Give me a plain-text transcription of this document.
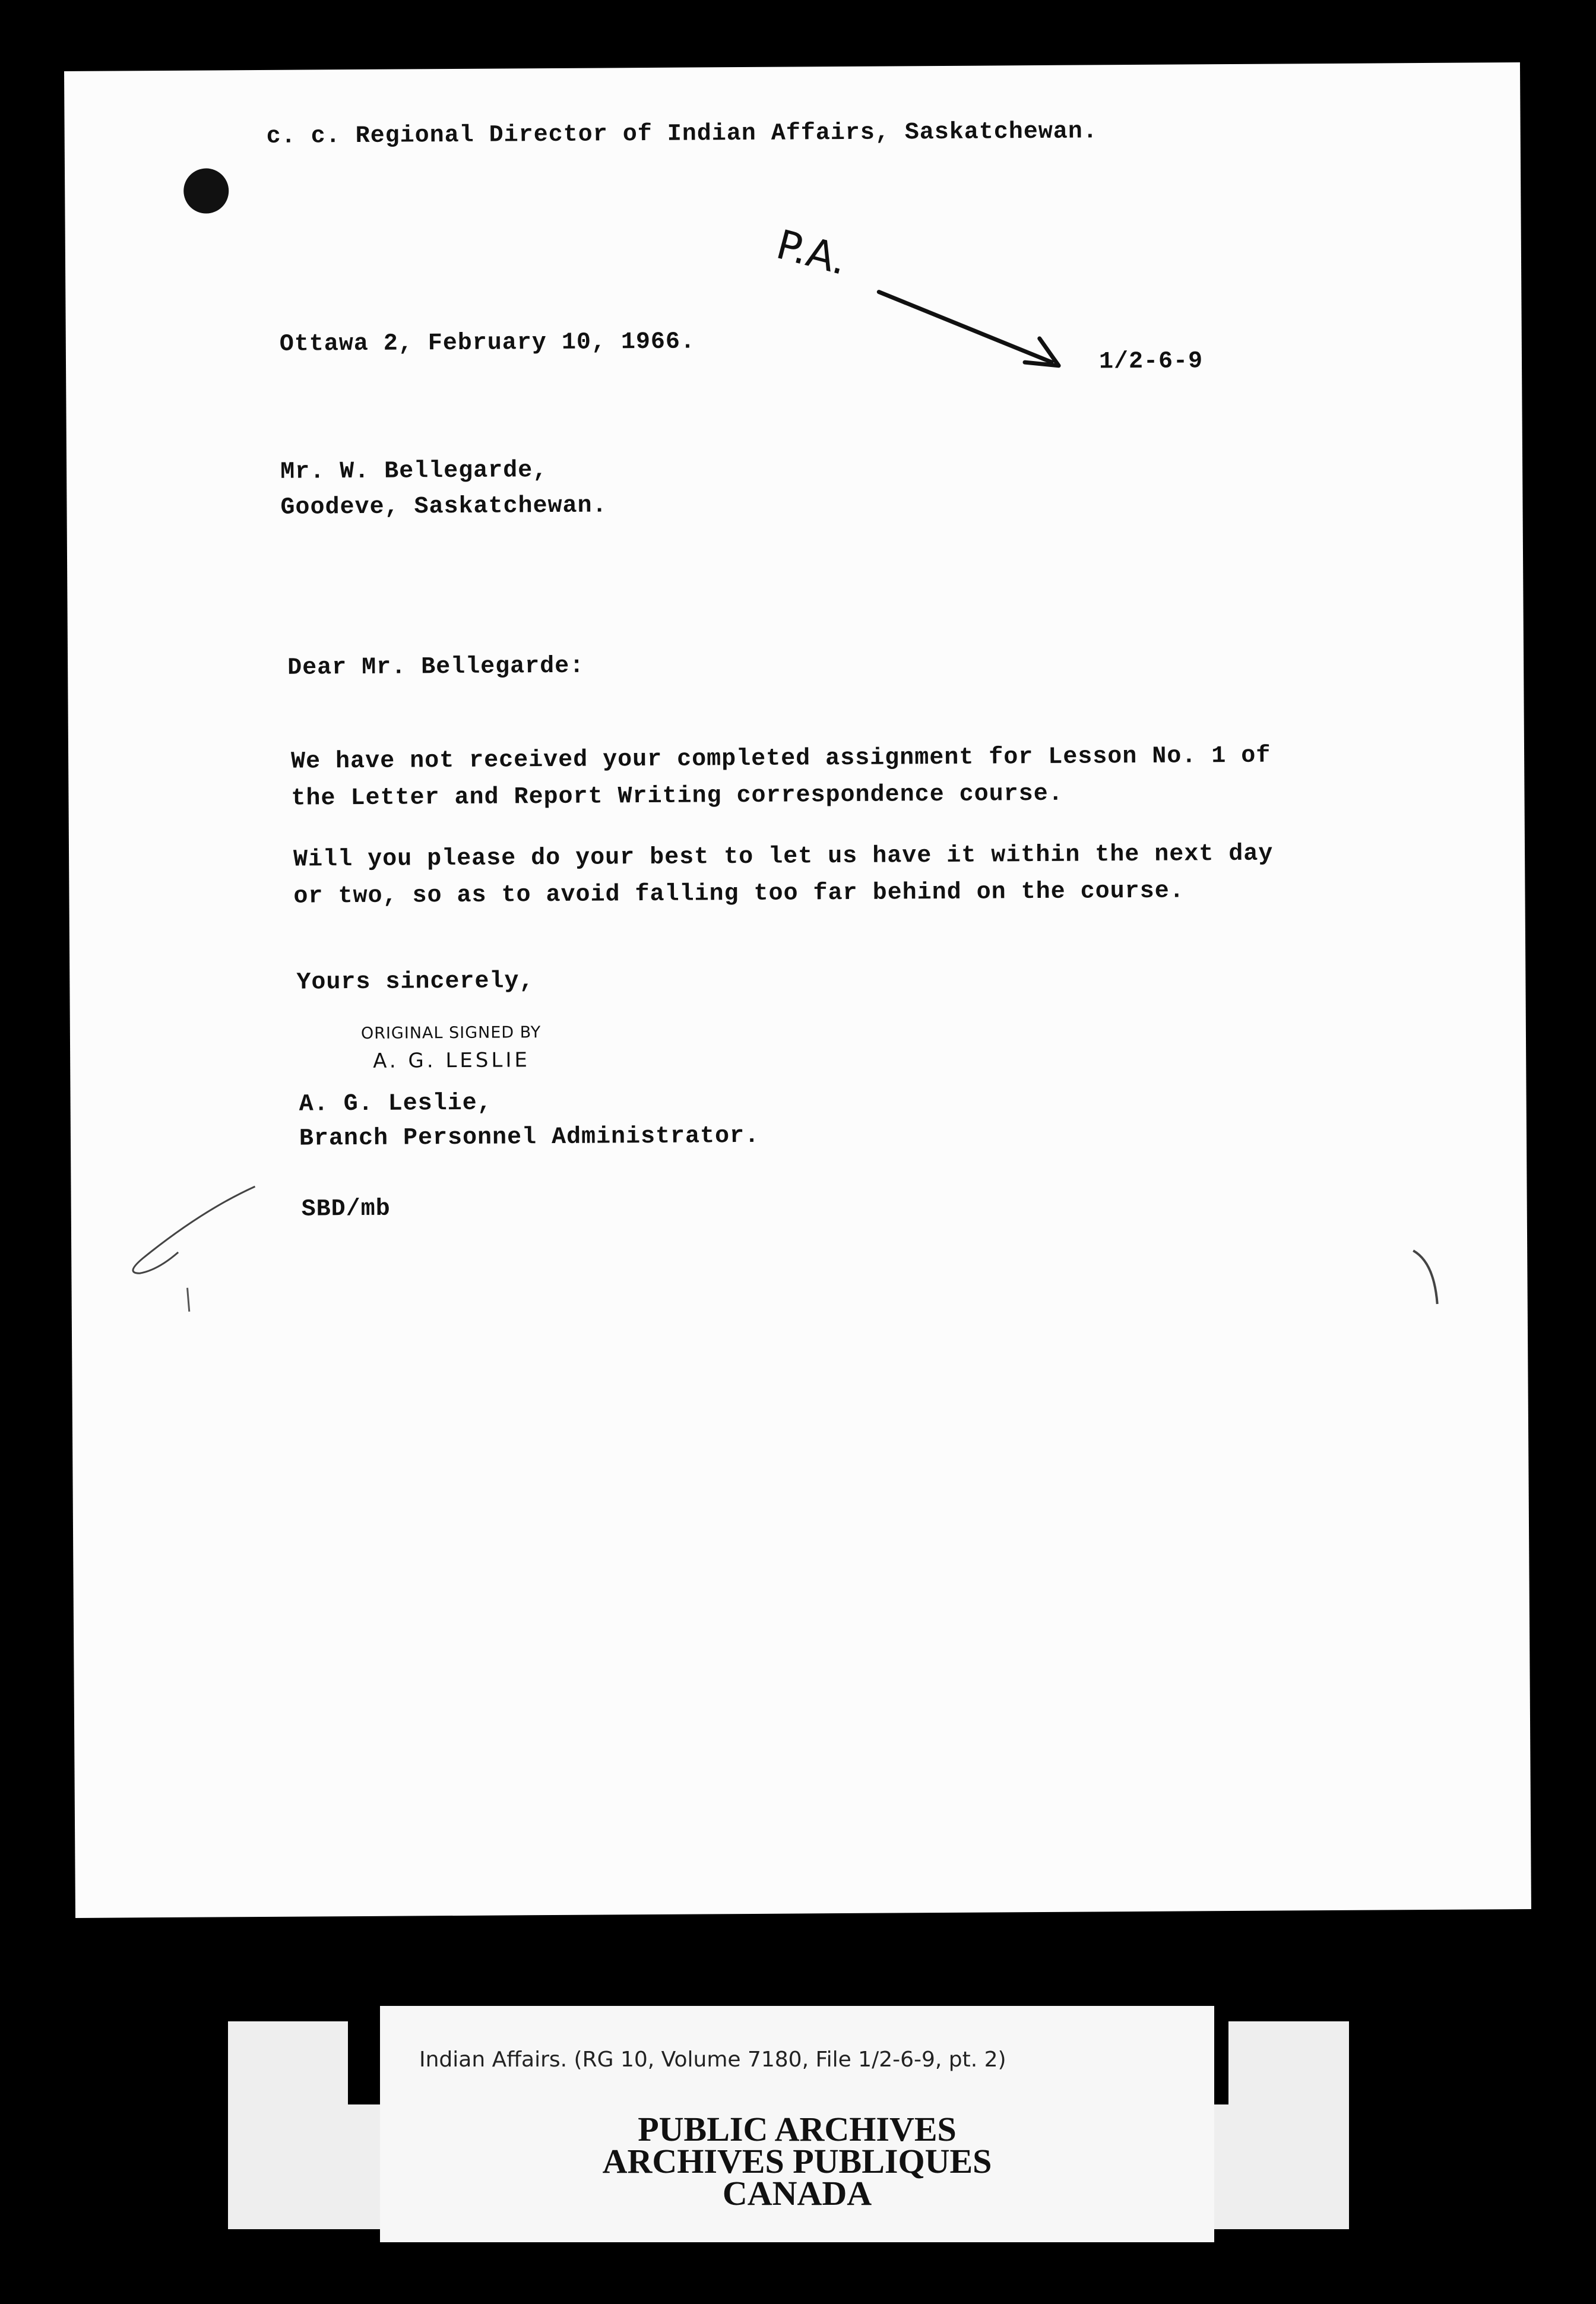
c. c. Regional Director of Indian Affairs, Saskatchewan.
P.A.
Ottawa 2, February 10, 1966.
1/2-6-9
Mr. W. Bellegarde,
Goodeve, Saskatchewan.
Dear Mr. Bellegarde:
We have not received your completed assignment for Lesson No. 1 of the Letter and Report Writing correspondence course.
Will you please do your best to let us have it within the next day or two, so as to avoid falling too far behind on the course.
Yours sincerely,
ORIGINAL SIGNED BY
A. G. LESLIE
A. G. Leslie,
Branch Personnel Administrator.
SBD/mb
Indian Affairs. (RG 10, Volume 7180, File 1/2-6-9, pt. 2)
PUBLIC ARCHIVES
ARCHIVES PUBLIQUES
CANADA
